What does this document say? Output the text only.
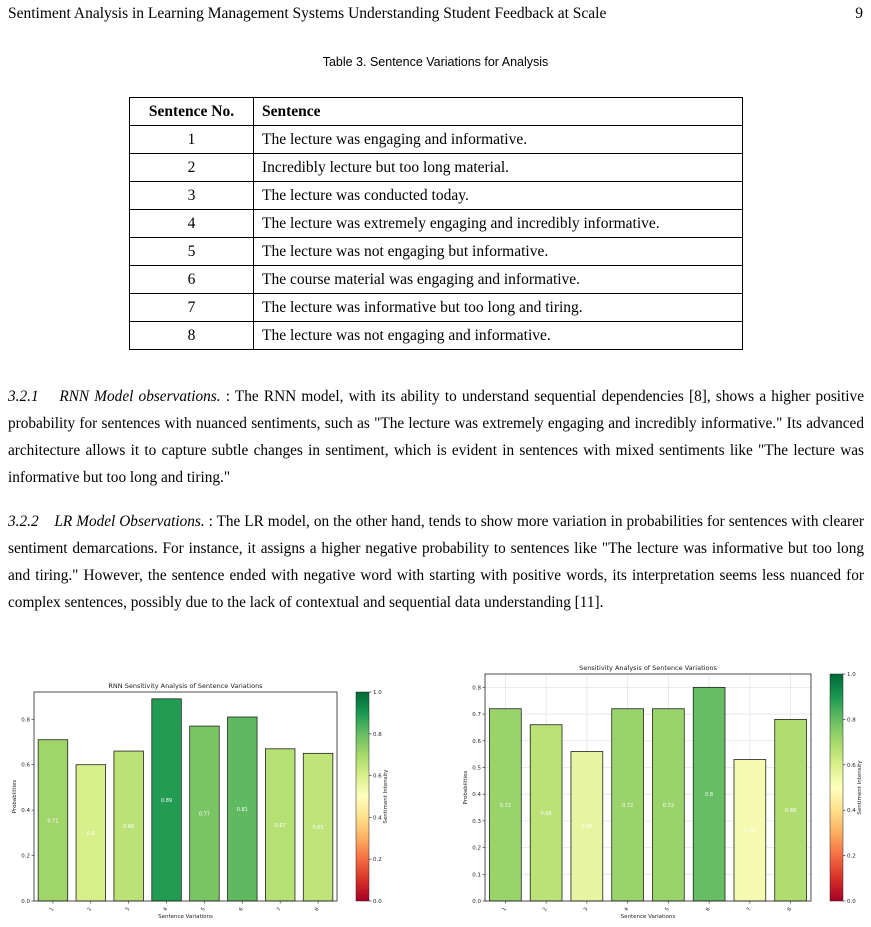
Sentiment Analysis in Learning Management Systems Understanding Student Feedback at Scale	9
Table 3. Sentence Variations for Analysis
Sentence No.	Sentence
1	The lecture was engaging and informative.
2	Incredibly lecture but too long material.
3	The lecture was conducted today.
4	The lecture was extremely engaging and incredibly informative.
5	The lecture was not engaging but informative.
6	The course material was engaging and informative.
7	The lecture was informative but too long and tiring.
8	The lecture was not engaging and informative.
3.2.1 RNN Model observations. : The RNN model, with its ability to understand sequential dependencies [8], shows a higher positive probability for sentences with nuanced sentiments, such as "The lecture was extremely engaging and incredibly informative." Its advanced architecture allows it to capture subtle changes in sentiment, which is evident in sentences with mixed sentiments like "The lecture was informative but too long and tiring."
3.2.2 LR Model Observations. : The LR model, on the other hand, tends to show more variation in probabilities for sentences with clearer sentiment demarcations. For instance, it assigns a higher negative probability to sentences like "The lecture was informative but too long and tiring." However, the sentence ended with negative word with starting with positive words, its interpretation seems less nuanced for complex sentences, possibly due to the lack of contextual and sequential data understanding [11].
RNN Sensitivity Analysis of Sentence Variations
0.71
1
0.6
2
0.66
3
0.89
4
0.77
5
0.81
6
0.67
7
0.65
8
0.0
0.2
0.4
0.6
0.8
Sentence Variations
Probabilities
0.0
0.2
0.4
0.6
0.8
1.0
Sentiment Intensity
Sensitivity Analysis of Sentence Variations
0.72
1
0.66
2
0.56
3
0.72
4
0.72
5
0.8
6
0.53
7
0.68
8
0.0
0.1
0.2
0.3
0.4
0.5
0.6
0.7
0.8
Sentence Variations
Probabilities
0.0
0.2
0.4
0.6
0.8
1.0
Sentiment Intensity
